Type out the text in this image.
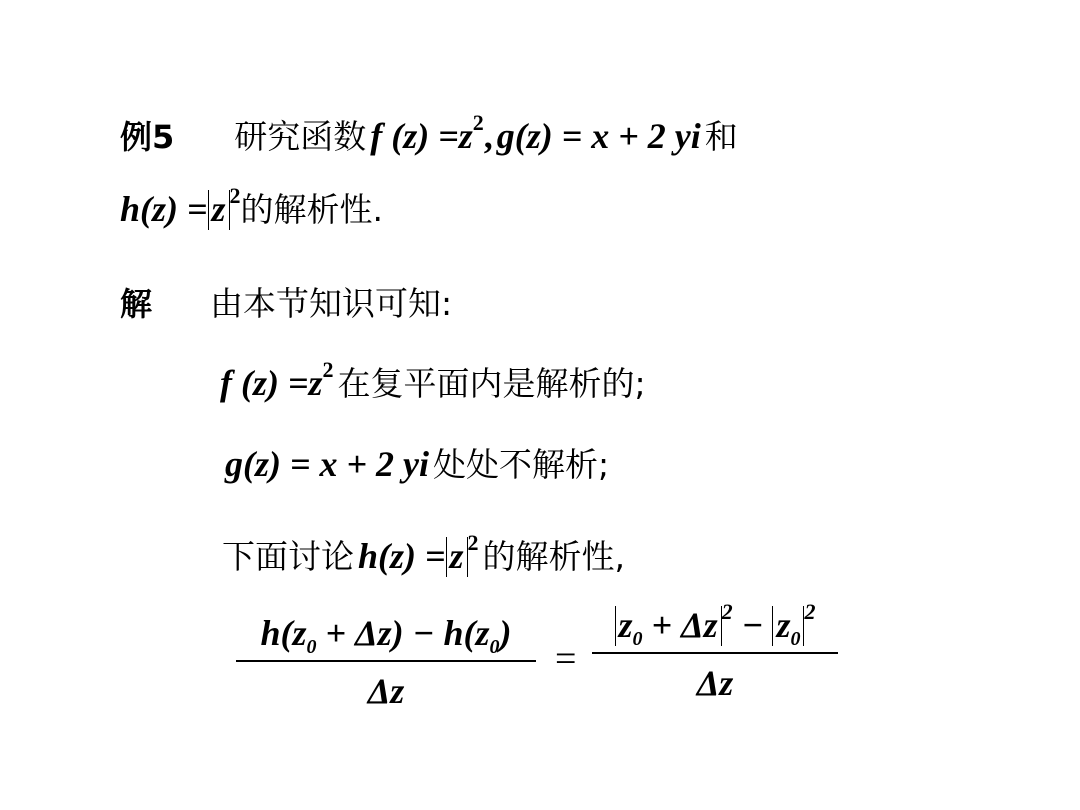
例5 研究函数 f $(z) =z^2$, g(z) = x + 2 yi 和
h(z) = z $^2$的解析性.
解 由本节知识可知:
f $(z) =z^2$ 在复平面内是解析的;
g(z) = x + 2 yi 处处不解析;
下面讨论 h(z) = z $^2$ 的解析性,
$h(z_0 + \Delta z) - h(z_0)$
Δz
=
$z_0 + \Delta z$ $^2 - z_0^2$
Δz
